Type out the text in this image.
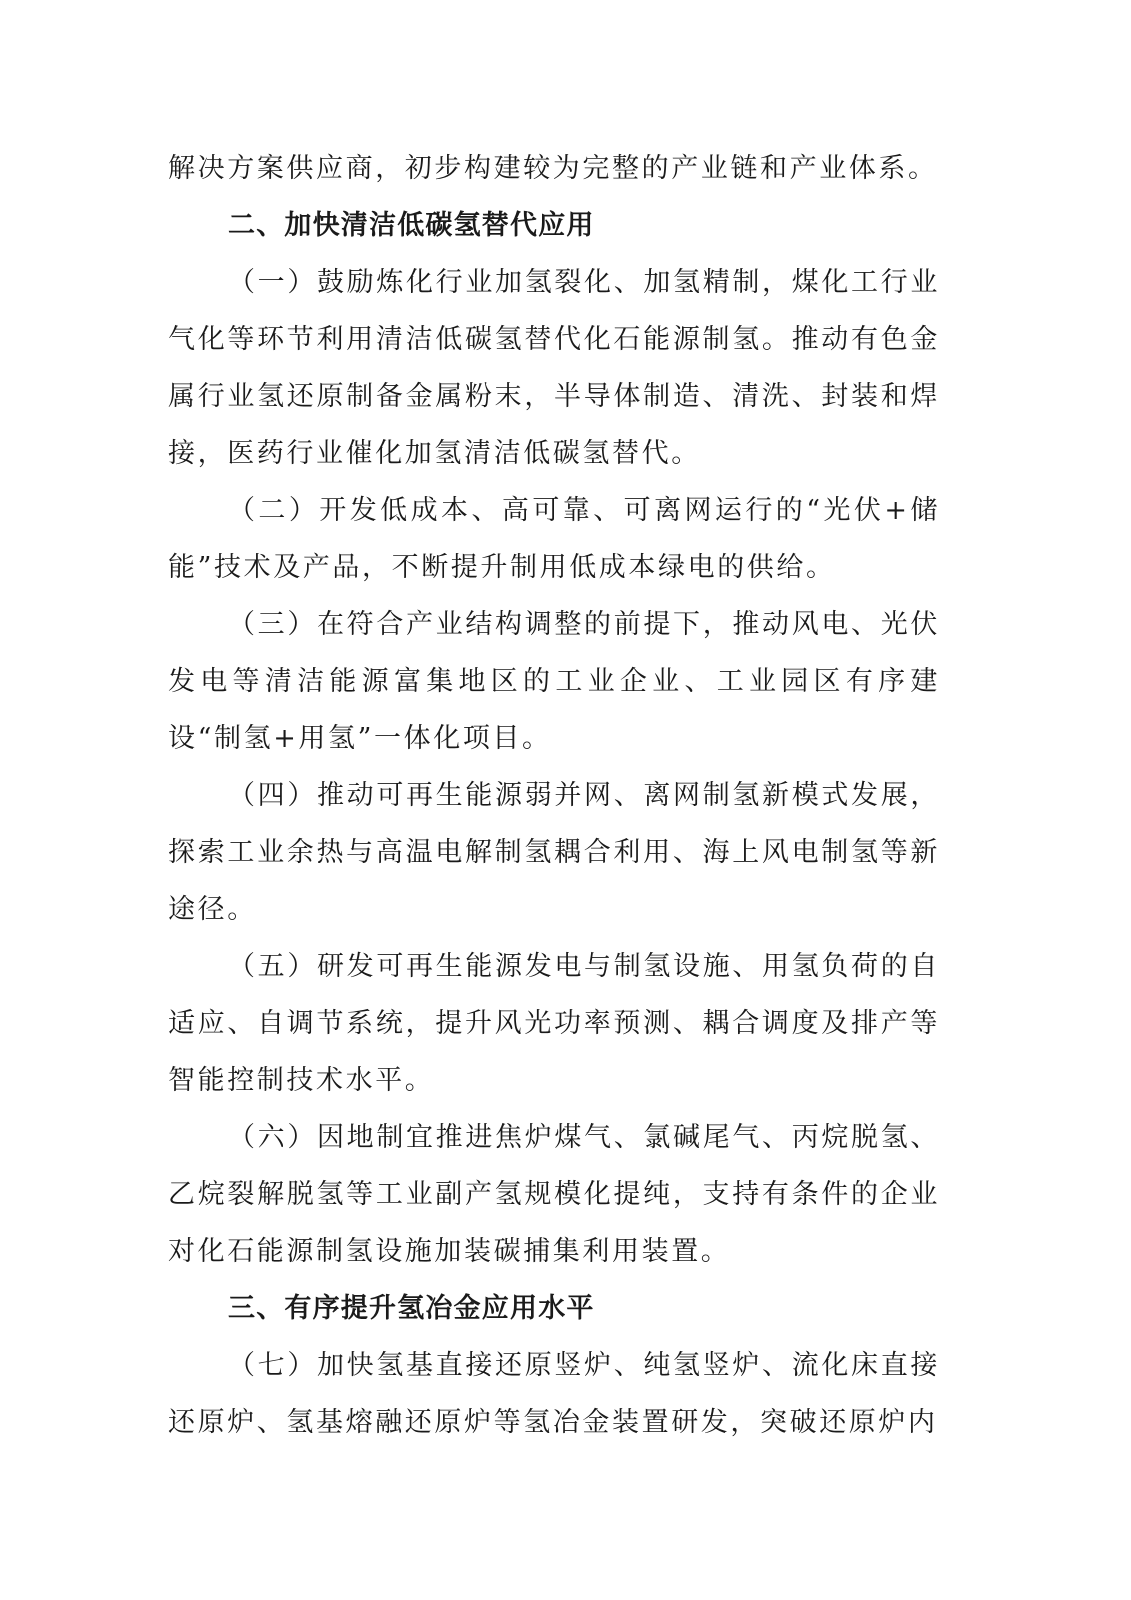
解决方案供应商，初步构建较为完整的产业链和产业体系。

二、加快清洁低碳氢替代应用

（一）鼓励炼化行业加氢裂化、加氢精制，煤化工行业气化等环节利用清洁低碳氢替代化石能源制氢。推动有色金属行业氢还原制备金属粉末，半导体制造、清洗、封装和焊接，医药行业催化加氢清洁低碳氢替代。

（二）开发低成本、高可靠、可离网运行的“光伏+储能”技术及产品，不断提升制用低成本绿电的供给。

（三）在符合产业结构调整的前提下，推动风电、光伏发电等清洁能源富集地区的工业企业、工业园区有序建设“制氢+用氢”一体化项目。

（四）推动可再生能源弱并网、离网制氢新模式发展，探索工业余热与高温电解制氢耦合利用、海上风电制氢等新途径。

（五）研发可再生能源发电与制氢设施、用氢负荷的自适应、自调节系统，提升风光功率预测、耦合调度及排产等智能控制技术水平。

（六）因地制宜推进焦炉煤气、氯碱尾气、丙烷脱氢、乙烷裂解脱氢等工业副产氢规模化提纯，支持有条件的企业对化石能源制氢设施加装碳捕集利用装置。

三、有序提升氢冶金应用水平

（七）加快氢基直接还原竖炉、纯氢竖炉、流化床直接还原炉、氢基熔融还原炉等氢冶金装置研发，突破还原炉内
